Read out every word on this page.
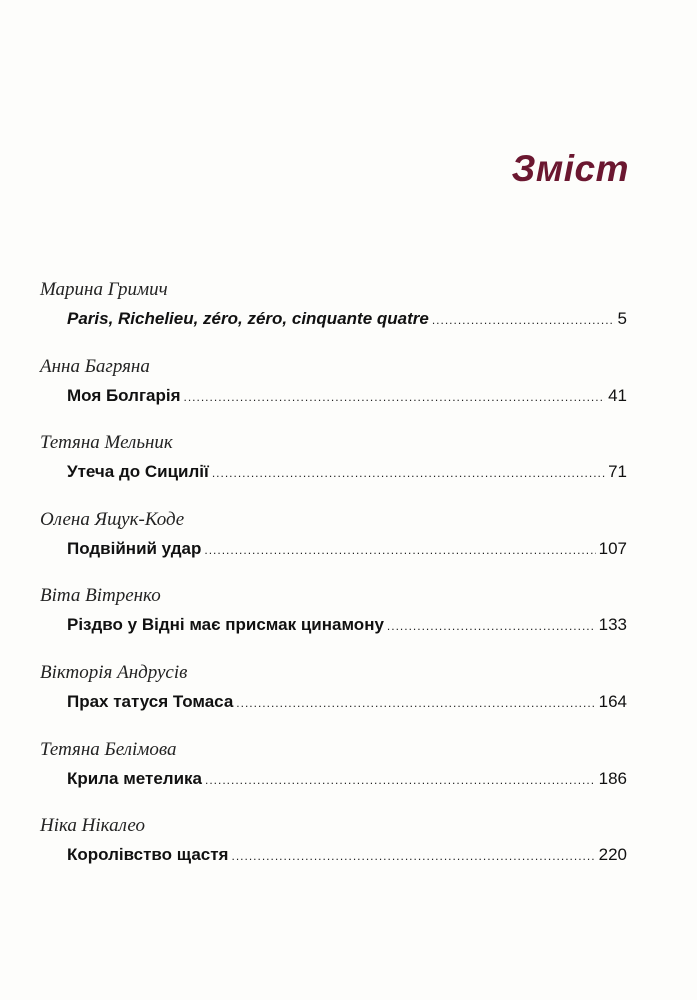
Зміст
Марина Гримич
Paris, Richelieu, zéro, zéro, cinquante quatre .....	5
Анна Багряна
Моя Болгарія .....	41
Тетяна Мельник
Утеча до Сицилії .....	71
Олена Ящук-Коде
Подвійний удар .....	107
Віта Вітренко
Різдво у Відні має присмак цинамону .....	133
Вікторія Андрусів
Прах татуся Томаса .....	164
Тетяна Белімова
Крила метелика .....	186
Ніка Нікалео
Королівство щастя .....	220
